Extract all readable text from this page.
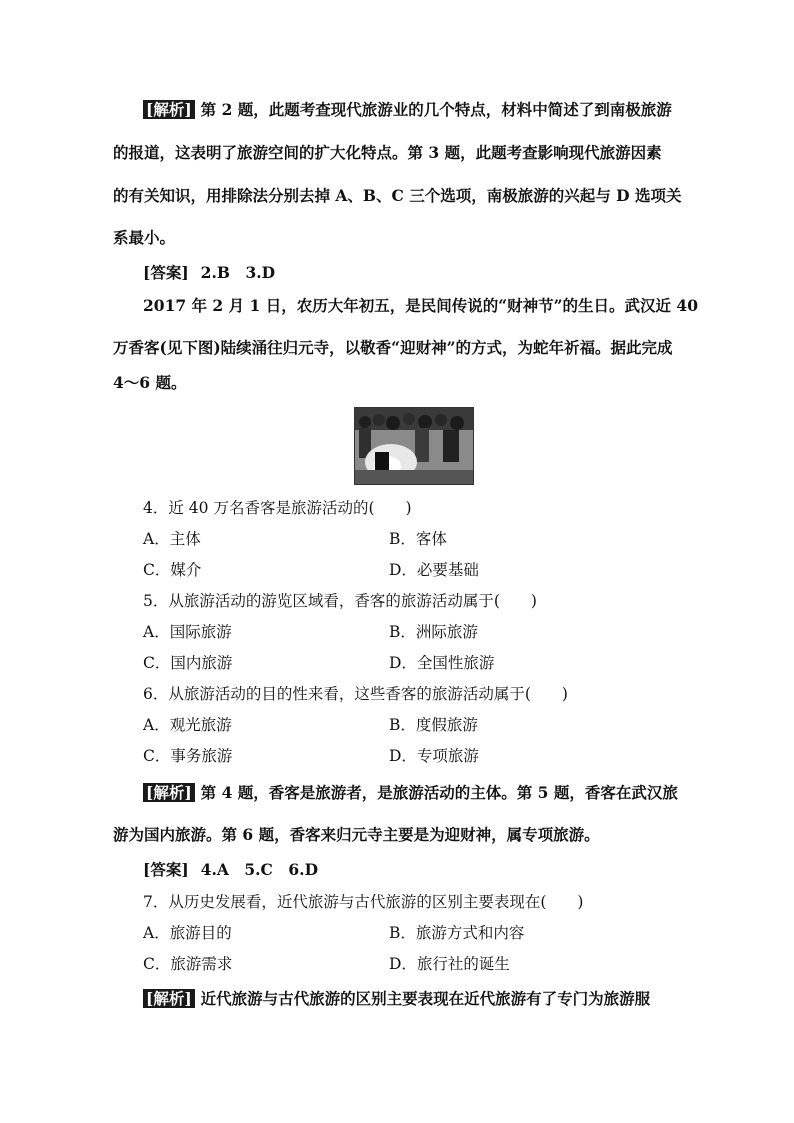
[解析] 第 2 题，此题考查现代旅游业的几个特点，材料中简述了到南极旅游
的报道，这表明了旅游空间的扩大化特点。第 3 题，此题考查影响现代旅游因素
的有关知识，用排除法分别去掉 A、B、C 三个选项，南极旅游的兴起与 D 选项关
系最小。
[答案] 2.B　3.D
2017 年 2 月 1 日，农历大年初五，是民间传说的“财神节”的生日。武汉近 40
万香客(见下图)陆续涌往归元寺，以敬香“迎财神”的方式，为蛇年祈福。据此完成
4～6 题。
4．近 40 万名香客是旅游活动的(　　)
A．主体	B．客体
C．媒介	D．必要基础
5．从旅游活动的游览区域看，香客的旅游活动属于(　　)
A．国际旅游	B．洲际旅游
C．国内旅游	D．全国性旅游
6．从旅游活动的目的性来看，这些香客的旅游活动属于(　　)
A．观光旅游	B．度假旅游
C．事务旅游	D．专项旅游
[解析] 第 4 题，香客是旅游者，是旅游活动的主体。第 5 题，香客在武汉旅
游为国内旅游。第 6 题，香客来归元寺主要是为迎财神，属专项旅游。
[答案] 4.A　5.C　6.D
7．从历史发展看，近代旅游与古代旅游的区别主要表现在(　　)
A．旅游目的	B．旅游方式和内容
C．旅游需求	D．旅行社的诞生
[解析] 近代旅游与古代旅游的区别主要表现在近代旅游有了专门为旅游服
